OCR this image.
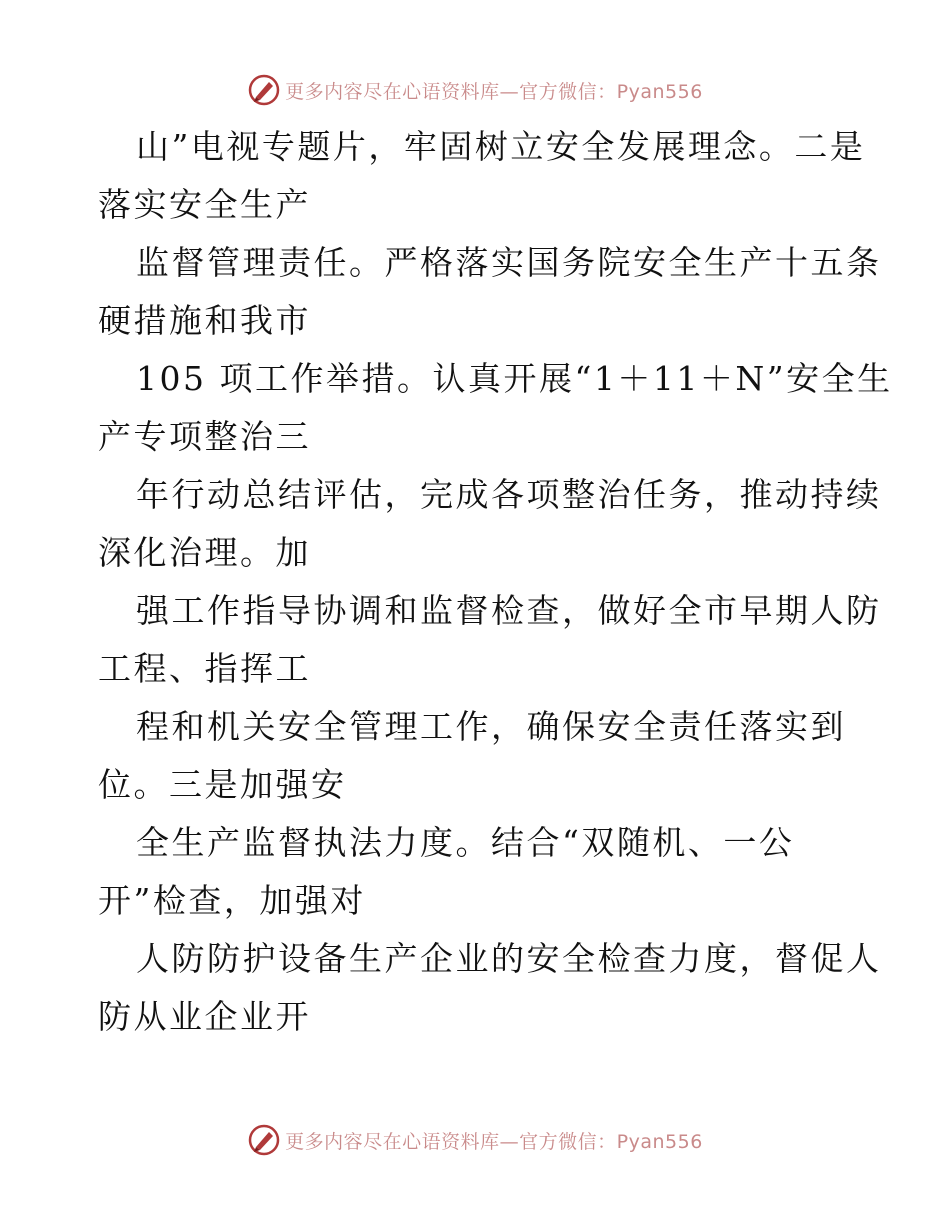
更多内容尽在心语资料库—官方微信：Pyan556
山”电视专题片，牢固树立安全发展理念。二是
落实安全生产
监督管理责任。严格落实国务院安全生产十五条
硬措施和我市
105 项工作举措。认真开展“1＋11＋N”安全生
产专项整治三
年行动总结评估，完成各项整治任务，推动持续
深化治理。加
强工作指导协调和监督检查，做好全市早期人防
工程、指挥工
程和机关安全管理工作，确保安全责任落实到
位。三是加强安
全生产监督执法力度。结合“双随机、一公
开”检查，加强对
人防防护设备生产企业的安全检查力度，督促人
防从业企业开
更多内容尽在心语资料库—官方微信：Pyan556
